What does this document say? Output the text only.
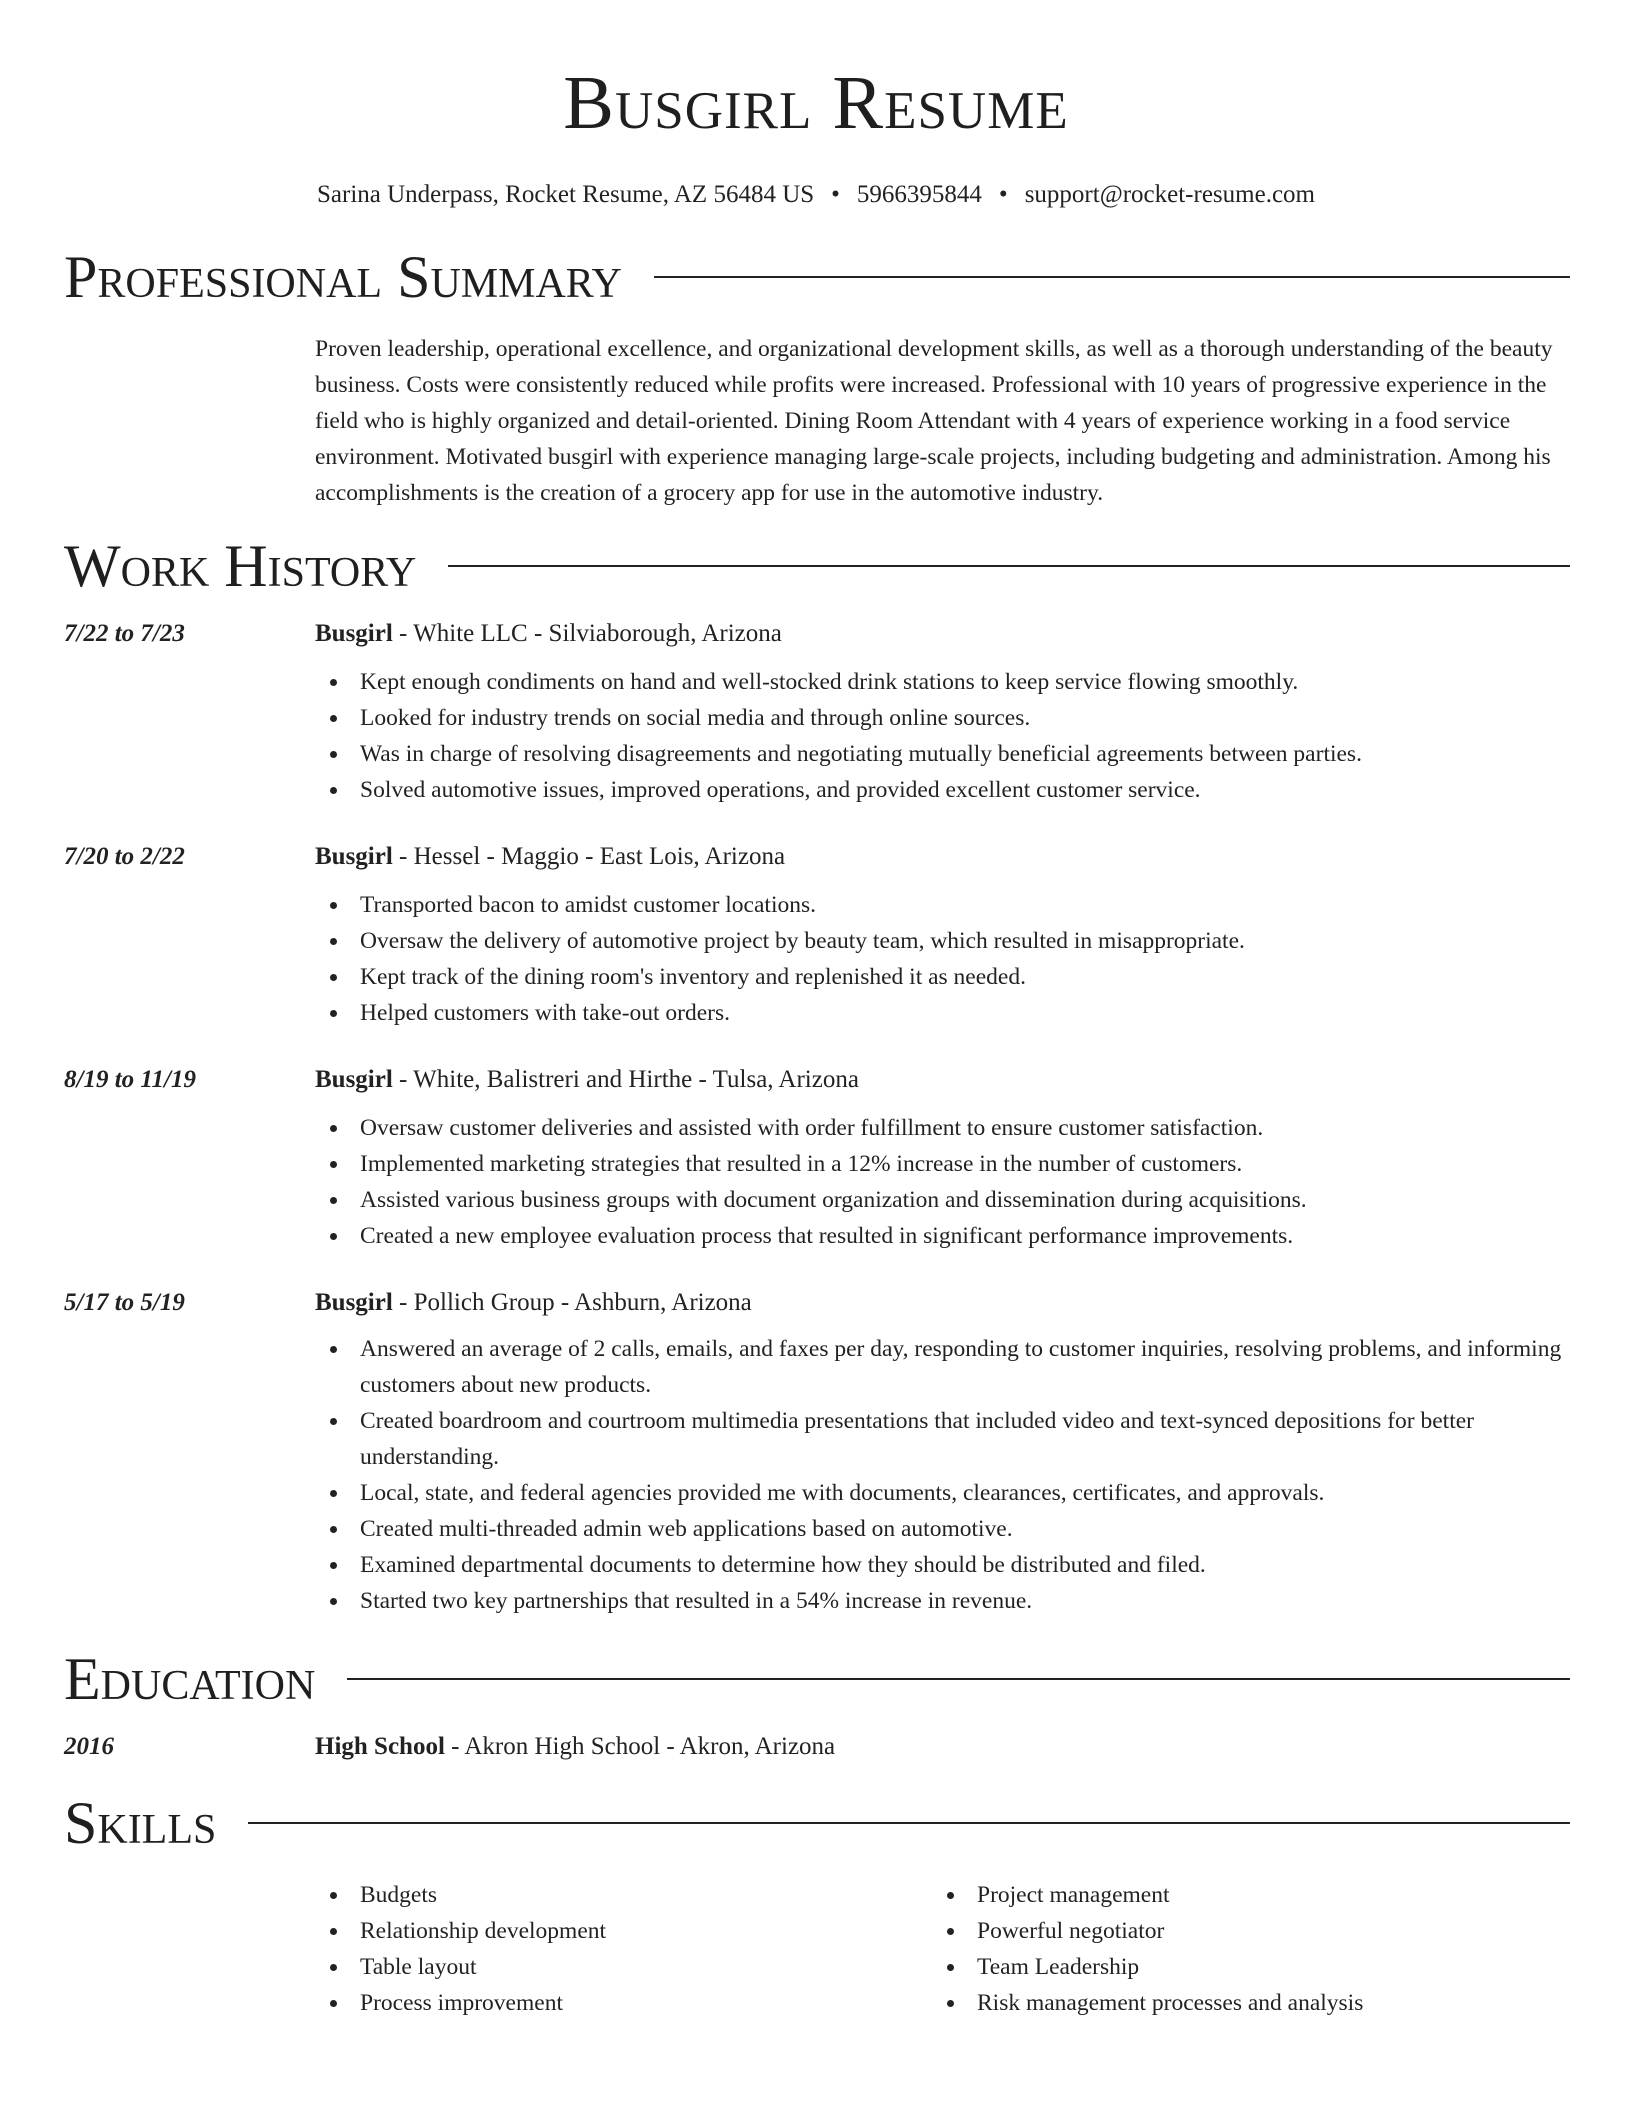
Busgirl Resume
Sarina Underpass, Rocket Resume, AZ 56484 US • 5966395844 • support@rocket-resume.com
Professional Summary
Proven leadership, operational excellence, and organizational development skills, as well as a thorough understanding of the beauty business. Costs were consistently reduced while profits were increased. Professional with 10 years of progressive experience in the field who is highly organized and detail-oriented. Dining Room Attendant with 4 years of experience working in a food service environment. Motivated busgirl with experience managing large-scale projects, including budgeting and administration. Among his accomplishments is the creation of a grocery app for use in the automotive industry.
Work History
7/22 to 7/23	Busgirl - White LLC - Silviaborough, Arizona
Kept enough condiments on hand and well-stocked drink stations to keep service flowing smoothly.
Looked for industry trends on social media and through online sources.
Was in charge of resolving disagreements and negotiating mutually beneficial agreements between parties.
Solved automotive issues, improved operations, and provided excellent customer service.
7/20 to 2/22	Busgirl - Hessel - Maggio - East Lois, Arizona
Transported bacon to amidst customer locations.
Oversaw the delivery of automotive project by beauty team, which resulted in misappropriate.
Kept track of the dining room's inventory and replenished it as needed.
Helped customers with take-out orders.
8/19 to 11/19	Busgirl - White, Balistreri and Hirthe - Tulsa, Arizona
Oversaw customer deliveries and assisted with order fulfillment to ensure customer satisfaction.
Implemented marketing strategies that resulted in a 12% increase in the number of customers.
Assisted various business groups with document organization and dissemination during acquisitions.
Created a new employee evaluation process that resulted in significant performance improvements.
5/17 to 5/19	Busgirl - Pollich Group - Ashburn, Arizona
Answered an average of 2 calls, emails, and faxes per day, responding to customer inquiries, resolving problems, and informing customers about new products.
Created boardroom and courtroom multimedia presentations that included video and text-synced depositions for better understanding.
Local, state, and federal agencies provided me with documents, clearances, certificates, and approvals.
Created multi-threaded admin web applications based on automotive.
Examined departmental documents to determine how they should be distributed and filed.
Started two key partnerships that resulted in a 54% increase in revenue.
Education
2016	High School - Akron High School - Akron, Arizona
Skills
Budgets
Relationship development
Table layout
Process improvement
Project management
Powerful negotiator
Team Leadership
Risk management processes and analysis
